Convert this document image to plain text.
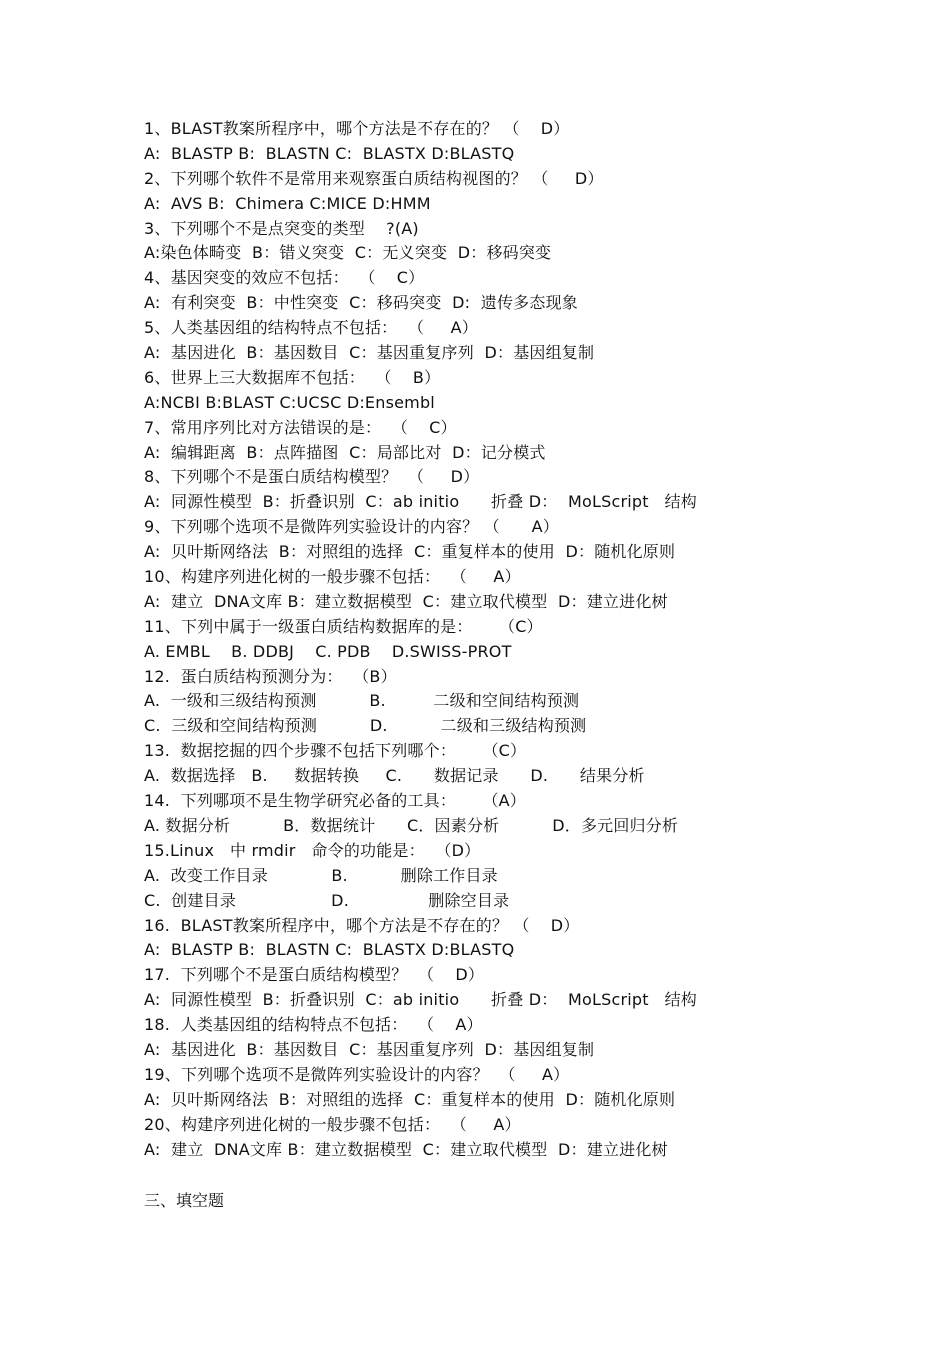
1、BLAST教案所程序中，哪个方法是不存在的？ （    D）
A:  BLASTP B:  BLASTN C:  BLASTX D:BLASTQ
2、下列哪个软件不是常用来观察蛋白质结构视图的？ （     D）
A:  AVS B:  Chimera C:MICE D:HMM
3、下列哪个不是点突变的类型    ?(A)
A:染色体畸变  B：错义突变  C：无义突变  D：移码突变
4、基因突变的效应不包括：  （    C）
A:  有利突变  B：中性突变  C：移码突变  D:  遗传多态现象
5、人类基因组的结构特点不包括：  （     A）
A:  基因进化  B：基因数目  C：基因重复序列  D：基因组复制
6、世界上三大数据库不包括：  （    B）
A:NCBI B:BLAST C:UCSC D:Ensembl
7、常用序列比对方法错误的是：  （    C）
A:  编辑距离  B：点阵描图  C：局部比对  D：记分模式
8、下列哪个不是蛋白质结构模型？  （     D）
A:  同源性模型  B：折叠识别  C：ab initio      折叠 D：  MoLScript   结构
9、下列哪个选项不是微阵列实验设计的内容？ （      A）
A:  贝叶斯网络法  B：对照组的选择  C：重复样本的使用  D：随机化原则
10、构建序列进化树的一般步骤不包括：  （     A）
A:  建立  DNA文库 B：建立数据模型  C：建立取代模型  D：建立进化树
11、下列中属于一级蛋白质结构数据库的是：     （C）
A. EMBL    B. DDBJ    C. PDB    D.SWISS-PROT
12.  蛋白质结构预测分为：  （B）
A.  一级和三级结构预测          B.         二级和空间结构预测
C.  三级和空间结构预测          D.          二级和三级结构预测
13.  数据挖掘的四个步骤不包括下列哪个：     （C）
A.  数据选择   B.     数据转换     C.      数据记录      D.      结果分析
14.  下列哪项不是生物学研究必备的工具：     （A）
A. 数据分析          B．数据统计      C．因素分析          D．多元回归分析
15.Linux   中 rmdir   命令的功能是：  （D）
A.  改变工作目录            B.          删除工作目录
C.  创建目录                  D.               删除空目录
16.  BLAST教案所程序中，哪个方法是不存在的？ （    D）
A:  BLASTP B:  BLASTN C:  BLASTX D:BLASTQ
17.  下列哪个不是蛋白质结构模型？  （    D）
A:  同源性模型  B：折叠识别  C：ab initio      折叠 D：  MoLScript   结构
18.  人类基因组的结构特点不包括：  （    A）
A:  基因进化  B：基因数目  C：基因重复序列  D：基因组复制
19、下列哪个选项不是微阵列实验设计的内容？  （     A）
A:  贝叶斯网络法  B：对照组的选择  C：重复样本的使用  D：随机化原则
20、构建序列进化树的一般步骤不包括：  （     A）
A:  建立  DNA文库 B：建立数据模型  C：建立取代模型  D：建立进化树
三、填空题
